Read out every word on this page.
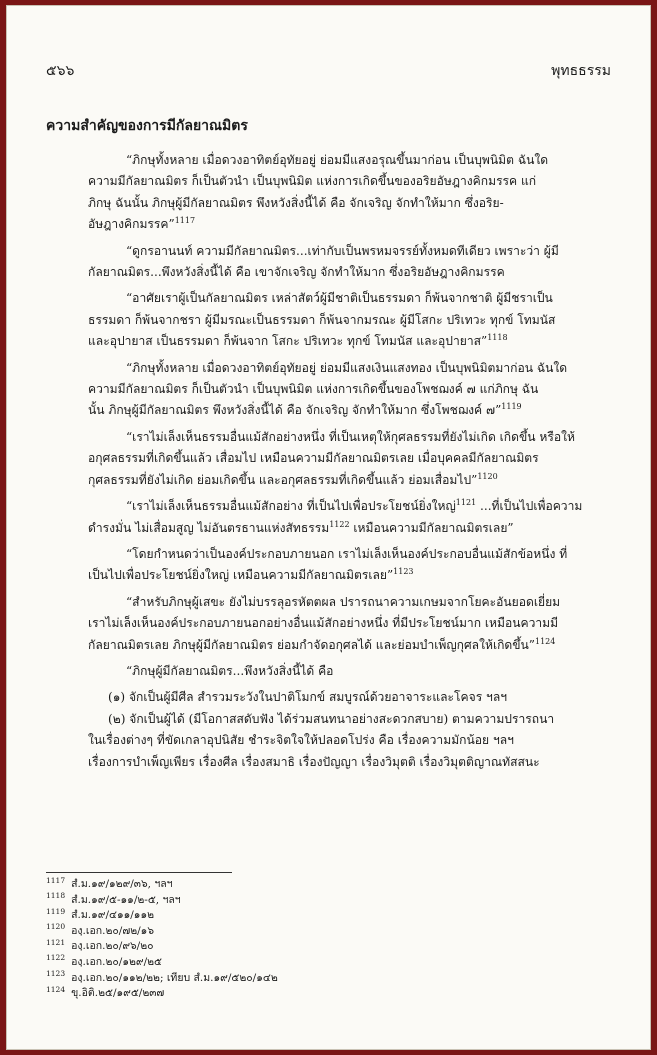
๕๖๖	พุทธธรรม
ความสำคัญของการมีกัลยาณมิตร

“ภิกษุทั้งหลาย เมื่อดวงอาทิตย์อุทัยอยู่ ย่อมมีแสงอรุณขึ้นมาก่อน เป็นบุพนิมิต ฉันใด
ความมีกัลยาณมิตร ก็เป็นตัวนำ เป็นบุพนิมิต แห่งการเกิดขึ้นของอริยอัษฎางคิกมรรค แก่
ภิกษุ ฉันนั้น ภิกษุผู้มีกัลยาณมิตร พึงหวังสิ่งนี้ได้ คือ จักเจริญ จักทำให้มาก ซึ่งอริย-
อัษฎางคิกมรรค”$^{1117}$

“ดูกรอานนท์ ความมีกัลยาณมิตร...เท่ากับเป็นพรหมจรรย์ทั้งหมดทีเดียว เพราะว่า ผู้มี
กัลยาณมิตร...พึงหวังสิ่งนี้ได้ คือ เขาจักเจริญ จักทำให้มาก ซึ่งอริยอัษฎางคิกมรรค

“อาศัยเราผู้เป็นกัลยาณมิตร เหล่าสัตว์ผู้มีชาติเป็นธรรมดา ก็พ้นจากชาติ ผู้มีชราเป็น
ธรรมดา ก็พ้นจากชรา ผู้มีมรณะเป็นธรรมดา ก็พ้นจากมรณะ ผู้มีโสกะ ปริเทวะ ทุกข์ โทมนัส
และอุปายาส เป็นธรรมดา ก็พ้นจาก โสกะ ปริเทวะ ทุกข์ โทมนัส และอุปายาส”$^{1118}$

“ภิกษุทั้งหลาย เมื่อดวงอาทิตย์อุทัยอยู่ ย่อมมีแสงเงินแสงทอง เป็นบุพนิมิตมาก่อน ฉันใด
ความมีกัลยาณมิตร ก็เป็นตัวนำ เป็นบุพนิมิต แห่งการเกิดขึ้นของโพชฌงค์ ๗ แก่ภิกษุ ฉัน
นั้น ภิกษุผู้มีกัลยาณมิตร พึงหวังสิ่งนี้ได้ คือ จักเจริญ จักทำให้มาก ซึ่งโพชฌงค์ ๗”$^{1119}$

“เราไม่เล็งเห็นธรรมอื่นแม้สักอย่างหนึ่ง ที่เป็นเหตุให้กุศลธรรมที่ยังไม่เกิด เกิดขึ้น หรือให้
อกุศลธรรมที่เกิดขึ้นแล้ว เสื่อมไป เหมือนความมีกัลยาณมิตรเลย เมื่อบุคคลมีกัลยาณมิตร
กุศลธรรมที่ยังไม่เกิด ย่อมเกิดขึ้น และอกุศลธรรมที่เกิดขึ้นแล้ว ย่อมเสื่อมไป”$^{1120}$

“เราไม่เล็งเห็นธรรมอื่นแม้สักอย่าง ที่เป็นไปเพื่อประโยชน์ยิ่งใหญ่$^{1121}$ ...ที่เป็นไปเพื่อความ
ดำรงมั่น ไม่เสื่อมสูญ ไม่อันตรธานแห่งสัทธรรม$^{1122}$ เหมือนความมีกัลยาณมิตรเลย”

“โดยกำหนดว่าเป็นองค์ประกอบภายนอก เราไม่เล็งเห็นองค์ประกอบอื่นแม้สักข้อหนึ่ง ที่
เป็นไปเพื่อประโยชน์ยิ่งใหญ่ เหมือนความมีกัลยาณมิตรเลย”$^{1123}$

“สำหรับภิกษุผู้เสขะ ยังไม่บรรลุอรหัตตผล ปรารถนาความเกษมจากโยคะอันยอดเยี่ยม
เราไม่เล็งเห็นองค์ประกอบภายนอกอย่างอื่นแม้สักอย่างหนึ่ง ที่มีประโยชน์มาก เหมือนความมี
กัลยาณมิตรเลย ภิกษุผู้มีกัลยาณมิตร ย่อมกำจัดอกุศลได้ และย่อมบำเพ็ญกุศลให้เกิดขึ้น”$^{1124}$

“ภิกษุผู้มีกัลยาณมิตร...พึงหวังสิ่งนี้ได้ คือ

(๑) จักเป็นผู้มีศีล สำรวมระวังในปาติโมกข์ สมบูรณ์ด้วยอาจาระและโคจร ฯลฯ
(๒) จักเป็นผู้ได้ (มีโอกาสสดับฟัง ได้ร่วมสนทนาอย่างสะดวกสบาย) ตามความปรารถนา
ในเรื่องต่างๆ ที่ขัดเกลาอุปนิสัย ชำระจิตใจให้ปลอดโปร่ง คือ เรื่องความมักน้อย ฯลฯ
เรื่องการบำเพ็ญเพียร เรื่องศีล เรื่องสมาธิ เรื่องปัญญา เรื่องวิมุตติ เรื่องวิมุตติญาณทัสสนะ
$^{1117}$ สํ.ม.๑๙/๑๒๙/๓๖, ฯลฯ
$^{1118}$ สํ.ม.๑๙/๕-๑๑/๒-๕, ฯลฯ
$^{1119}$ สํ.ม.๑๙/๔๑๑/๑๑๒
$^{1120}$ องฺ.เอก.๒๐/๗๒/๑๖
$^{1121}$ องฺ.เอก.๒๐/๙๖/๒๐
$^{1122}$ องฺ.เอก.๒๐/๑๒๙/๒๕
$^{1123}$ องฺ.เอก.๒๐/๑๑๒/๒๒; เทียบ สํ.ม.๑๙/๕๒๐/๑๔๒
$^{1124}$ ขุ.อิติ.๒๕/๑๙๕/๒๓๗
